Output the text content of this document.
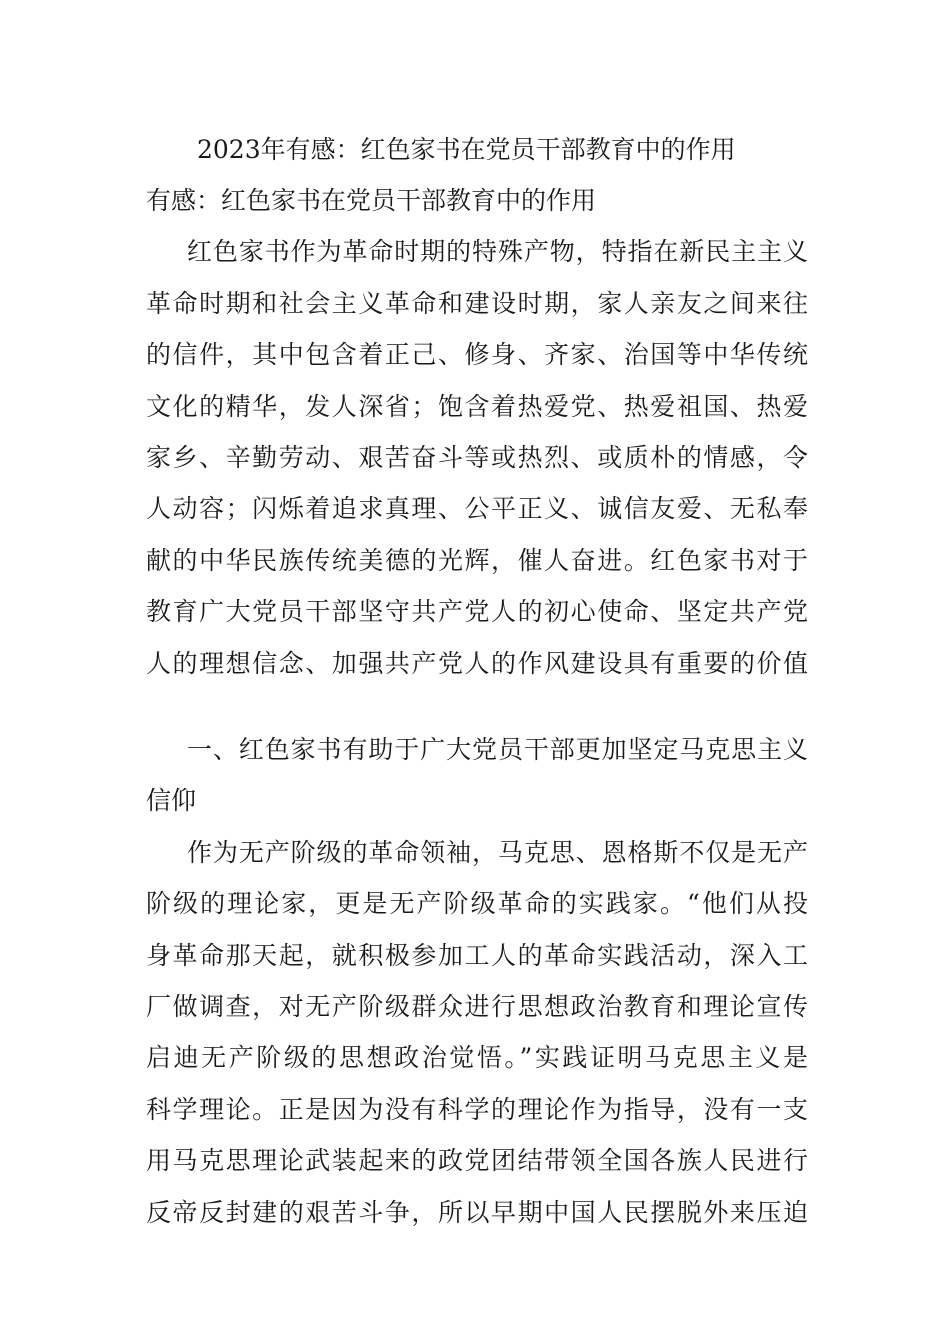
2023年有感：红色家书在党员干部教育中的作用
有感：红色家书在党员干部教育中的作用
红色家书作为革命时期的特殊产物，特指在新民主主义
革命时期和社会主义革命和建设时期，家人亲友之间来往
的信件，其中包含着正己、修身、齐家、治国等中华传统
文化的精华，发人深省；饱含着热爱党、热爱祖国、热爱
家乡、辛勤劳动、艰苦奋斗等或热烈、或质朴的情感，令
人动容；闪烁着追求真理、公平正义、诚信友爱、无私奉
献的中华民族传统美德的光辉，催人奋进。红色家书对于
教育广大党员干部坚守共产党人的初心使命、坚定共产党
人的理想信念、加强共产党人的作风建设具有重要的价值
一、红色家书有助于广大党员干部更加坚定马克思主义
信仰
作为无产阶级的革命领袖，马克思、恩格斯不仅是无产
阶级的理论家，更是无产阶级革命的实践家。“他们从投
身革命那天起，就积极参加工人的革命实践活动，深入工
厂做调查，对无产阶级群众进行思想政治教育和理论宣传
启迪无产阶级的思想政治觉悟。”实践证明马克思主义是
科学理论。正是因为没有科学的理论作为指导，没有一支
用马克思理论武装起来的政党团结带领全国各族人民进行
反帝反封建的艰苦斗争，所以早期中国人民摆脱外来压迫
